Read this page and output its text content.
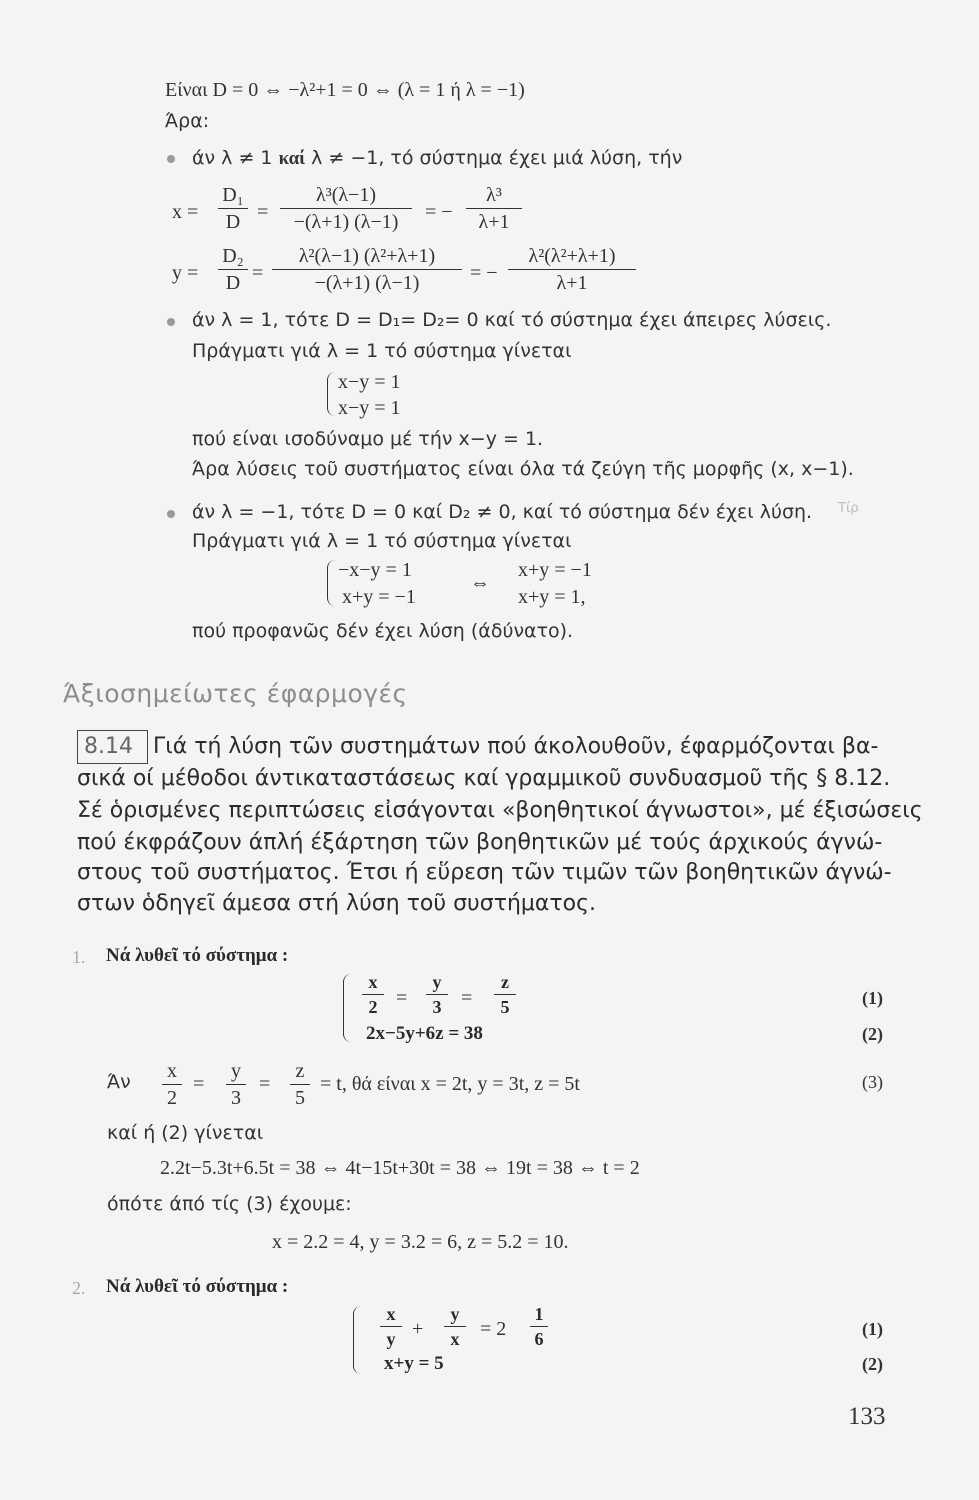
Είναι D = 0 ⇔ −λ²+1 = 0 ⇔ (λ = 1 ή λ = −1)
Άρα:
άν λ ≠ 1 καί λ ≠ −1, τό σύστημα έχει μιά λύση, τήν
x =
D₁
D =
λ³(λ−1)
−(λ+1) (λ−1)	= −
λ³
λ+1
y =
D₂
D =
λ²(λ−1) (λ²+λ+1)
−(λ+1) (λ−1)	= −
λ²(λ²+λ+1)
λ+1
άν λ = 1, τότε D = D₁= D₂= 0 καί τό σύστημα έχει άπειρες λύσεις.
Πράγματι γιά λ = 1 τό σύστημα γίνεται
x−y = 1
x−y = 1
πού είναι ισοδύναμο μέ τήν x−y = 1.
Άρα λύσεις τοῦ συστήματος είναι όλα τά ζεύγη τῆς μορφῆς (x, x−1).
άν λ = −1, τότε D = 0 καί D₂ ≠ 0, καί τό σύστημα δέν έχει λύση. Τίρ
Πράγματι γιά λ = 1 τό σύστημα γίνεται
−x−y = 1
x+y = −1
⇔
x+y = −1
x+y = 1,
πού προφανῶς δέν έχει λύση (άδύνατο).
Άξιοσημείωτες έφαρμογές
8.14 Γιά τή λύση τῶν συστημάτων πού άκολουθοῦν, έφαρμόζονται βα-
σικά οί μέθοδοι άντικαταστάσεως καί γραμμικοῦ συνδυασμοῦ τῆς § 8.12.
Σέ ὁρισμένες περιπτώσεις εἰσάγονται «βοηθητικοί άγνωστοι», μέ έξισώσεις
πού έκφράζουν άπλή έξάρτηση τῶν βοηθητικῶν μέ τούς άρχικούς άγνώ-
στους τοῦ συστήματος. Έτσι ή εὕρεση τῶν τιμῶν τῶν βοηθητικῶν άγνώ-
στων ὁδηγεῖ άμεσα στή λύση τοῦ συστήματος.
1. Νά λυθεῖ τό σύστημα :
x
2 =
y
3 =
z
5	(1)
2x−5y+6z = 38	(2)
Άν x
2
=
y
3
=
z
5
= t, θά είναι x = 2t, y = 3t, z = 5t	(3)
καί ή (2) γίνεται
2.2t−5.3t+6.5t = 38 ⇔ 4t−15t+30t = 38 ⇔ 19t = 38 ⇔ t = 2
όπότε άπό τίς (3) έχουμε:
x = 2.2 = 4, y = 3.2 = 6, z = 5.2 = 10.
2. Νά λυθεῖ τό σύστημα :
x
y +
y
x	= 2
1
6	(1)
x+y = 5	(2)
133
